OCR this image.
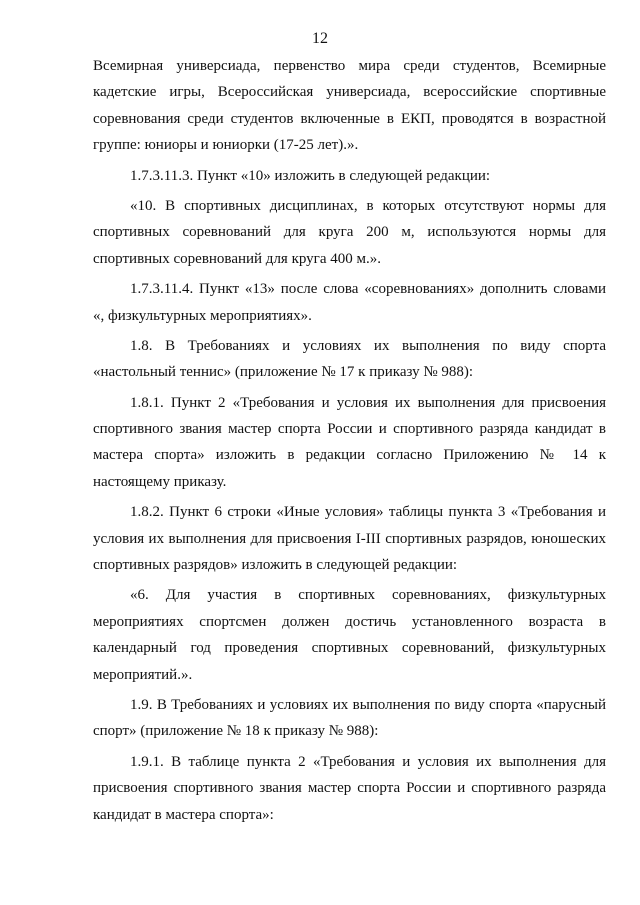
12

Всемирная универсиада, первенство мира среди студентов, Всемирные
кадетские игры, Всероссийская универсиада, всероссийские спортивные
соревнования среди студентов включенные в ЕКП, проводятся в возрастной
группе: юниоры и юниорки (17-25 лет).».

1.7.3.11.3. Пункт «10» изложить в следующей редакции:

«10. В спортивных дисциплинах, в которых отсутствуют нормы для
спортивных соревнований для круга 200 м, используются нормы для
спортивных соревнований для круга 400 м.».

1.7.3.11.4. Пункт «13» после слова «соревнованиях» дополнить словами
«, физкультурных мероприятиях».

1.8. В Требованиях и условиях их выполнения по виду спорта
«настольный теннис» (приложение № 17 к приказу № 988):

1.8.1. Пункт 2 «Требования и условия их выполнения для присвоения
спортивного звания мастер спорта России и спортивного разряда кандидат в
мастера спорта» изложить в редакции согласно Приложению № 14 к
настоящему приказу.

1.8.2. Пункт 6 строки «Иные условия» таблицы пункта 3 «Требования и
условия их выполнения для присвоения I-III спортивных разрядов, юношеских
спортивных разрядов» изложить в следующей редакции:

«6. Для участия в спортивных соревнованиях, физкультурных
мероприятиях спортсмен должен достичь установленного возраста в
календарный год проведения спортивных соревнований, физкультурных
мероприятий.».

1.9. В Требованиях и условиях их выполнения по виду спорта «парусный
спорт» (приложение № 18 к приказу № 988):

1.9.1. В таблице пункта 2 «Требования и условия их выполнения для
присвоения спортивного звания мастер спорта России и спортивного разряда
кандидат в мастера спорта»:
